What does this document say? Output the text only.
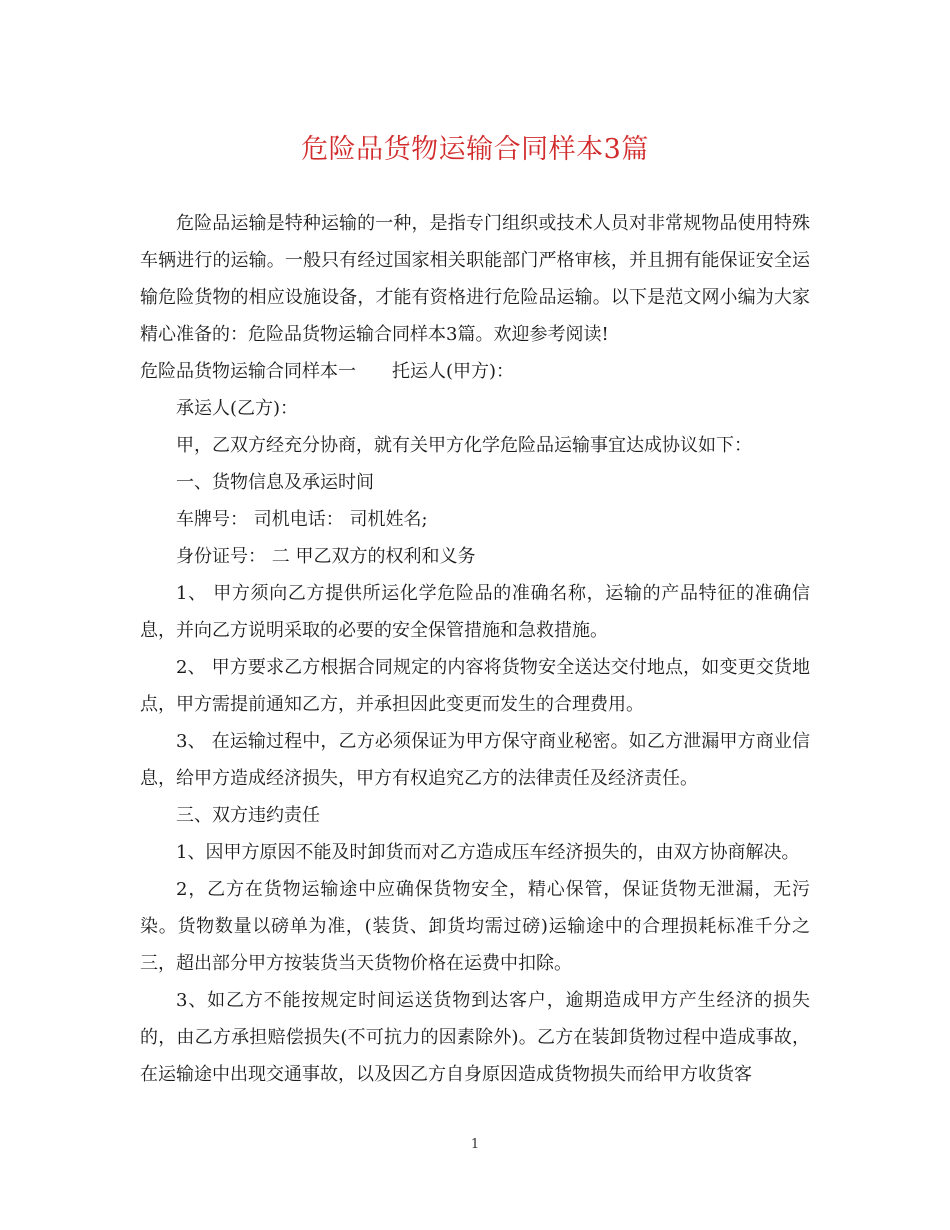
危险品货物运输合同样本3篇

危险品运输是特种运输的一种，是指专门组织或技术人员对非常规物品使用特殊车辆进行的运输。一般只有经过国家相关职能部门严格审核，并且拥有能保证安全运输危险货物的相应设施设备，才能有资格进行危险品运输。以下是范文网小编为大家精心准备的：危险品货物运输合同样本3篇。欢迎参考阅读!

危险品货物运输合同样本一　　托运人(甲方)：

承运人(乙方)：

甲，乙双方经充分协商，就有关甲方化学危险品运输事宜达成协议如下：

一、货物信息及承运时间

车牌号： 司机电话： 司机姓名;

身份证号： 二 甲乙双方的权利和义务

1、 甲方须向乙方提供所运化学危险品的准确名称，运输的产品特征的准确信息，并向乙方说明采取的必要的安全保管措施和急救措施。

2、 甲方要求乙方根据合同规定的内容将货物安全送达交付地点，如变更交货地点，甲方需提前通知乙方，并承担因此变更而发生的合理费用。

3、 在运输过程中，乙方必须保证为甲方保守商业秘密。如乙方泄漏甲方商业信息，给甲方造成经济损失，甲方有权追究乙方的法律责任及经济责任。

三、双方违约责任

1、因甲方原因不能及时卸货而对乙方造成压车经济损失的，由双方协商解决。

2，乙方在货物运输途中应确保货物安全，精心保管，保证货物无泄漏，无污染。货物数量以磅单为准，(装货、卸货均需过磅)运输途中的合理损耗标准千分之三，超出部分甲方按装货当天货物价格在运费中扣除。

3、如乙方不能按规定时间运送货物到达客户，逾期造成甲方产生经济的损失的，由乙方承担赔偿损失(不可抗力的因素除外)。乙方在装卸货物过程中造成事故，在运输途中出现交通事故，以及因乙方自身原因造成货物损失而给甲方收货客

1
